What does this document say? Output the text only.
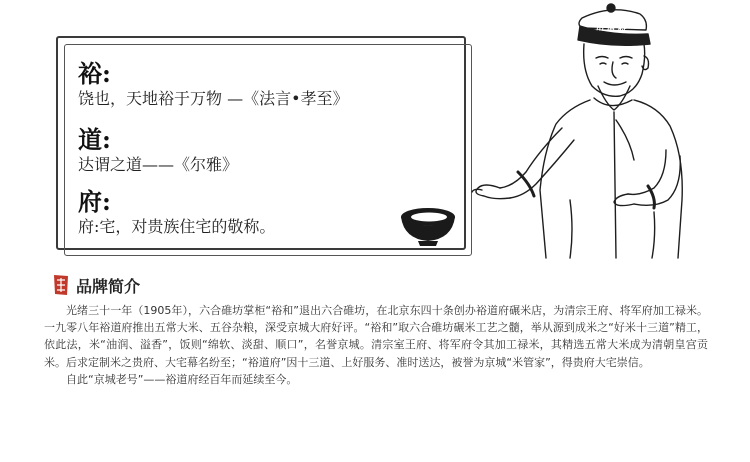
裕:
饶也，天地裕于万物 —《法言•孝至》
道:
达谓之道——《尔雅》
府:
府:宅，对贵族住宅的敬称。
裕道府
品牌简介

光绪三十一年（1905年），六合碓坊掌柜“裕和”退出六合碓坊，在北京东四十条创办裕道府碾米店，为清宗王府、将军府加工禄米。一九零八年裕道府推出五常大米、五谷杂粮，深受京城大府好评。“裕和”取六合碓坊碾米工艺之髓，举从源到成米之“好米十三道”精工，依此法，米“油润、溢香”，饭则“绵软、淡甜、顺口”，名誉京城。清宗室王府、将军府令其加工禄米，其精选五常大米成为清朝皇宫贡米。后求定制米之贵府、大宅幕名纷至；“裕道府”因十三道、上好服务、准时送达，被誉为京城“米管家”，得贵府大宅崇信。

自此“京城老号”——裕道府经百年而延续至今。
